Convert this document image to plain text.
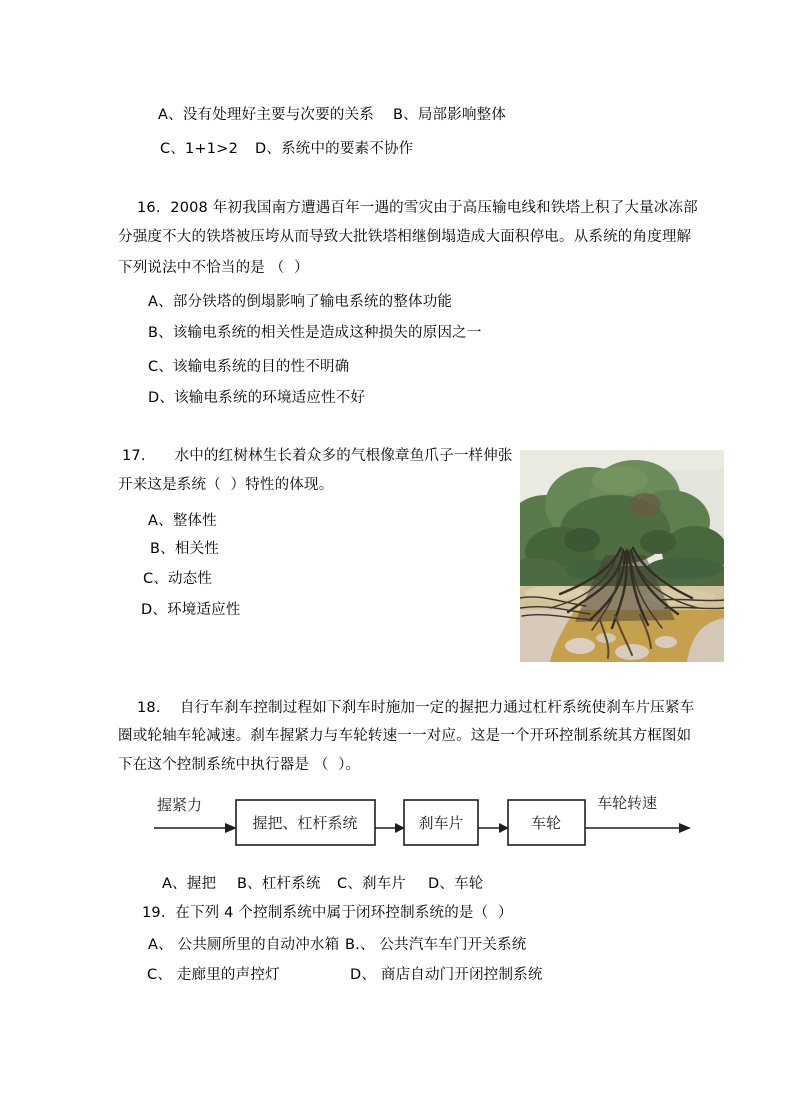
A、没有处理好主要与次要的关系 B、局部影响整体
C、1+1>2 D、系统中的要素不协作
16.  2008 年初我国南方遭遇百年一遇的雪灾由于高压输电线和铁塔上积了大量冰冻部
分强度不大的铁塔被压垮从而导致大批铁塔相继倒塌造成大面积停电。从系统的角度理解
下列说法中不恰当的是 （  ）
A、部分铁塔的倒塌影响了输电系统的整体功能
B、该输电系统的相关性是造成这种损失的原因之一
C、该输电系统的目的性不明确
D、该输电系统的环境适应性不好
17.      水中的红树林生长着众多的气根像章鱼爪子一样伸张
开来这是系统（  ）特性的体现。
A、整体性
B、相关性
C、动态性
D、环境适应性
18.    自行车刹车控制过程如下刹车时施加一定的握把力通过杠杆系统使刹车片压紧车
圈或轮轴车轮减速。刹车握紧力与车轮转速一一对应。这是一个开环控制系统其方框图如
下在这个控制系统中执行器是 （  ）。
握紧力
握把、杠杆系统	刹车片	车轮
车轮转速
A、握把 B、杠杆系统 C、刹车片 D、车轮
19.  在下列 4 个控制系统中属于闭环控制系统的是（  ）
A、 公共厕所里的自动冲水箱 B.、 公共汽车车门开关系统
C、 走廊里的声控灯	D、 商店自动门开闭控制系统
